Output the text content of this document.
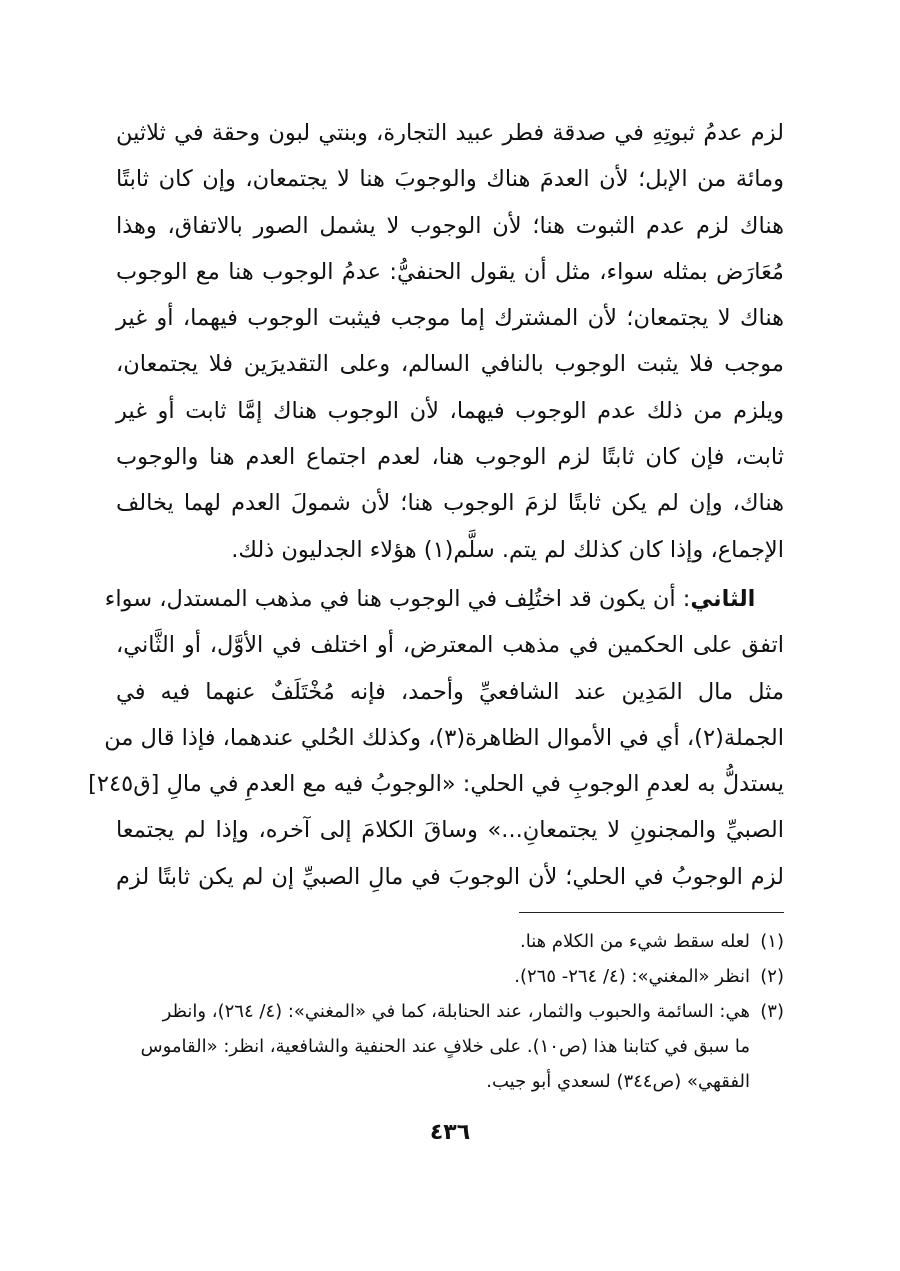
لزم عدمُ ثبوتِهِ في صدقة فطر عبيد التجارة، وبنتي لبون وحقة في ثلاثين
ومائة من الإبل؛ لأن العدمَ هناك والوجوبَ هنا لا يجتمعان، وإن كان ثابتًا
هناك لزم عدم الثبوت هنا؛ لأن الوجوب لا يشمل الصور بالاتفاق، وهذا
مُعَارَض بمثله سواء، مثل أن يقول الحنفيُّ: عدمُ الوجوب هنا مع الوجوب
هناك لا يجتمعان؛ لأن المشترك إما موجب فيثبت الوجوب فيهما، أو غير
موجب فلا يثبت الوجوب بالنافي السالم، وعلى التقديرَين فلا يجتمعان،
ويلزم من ذلك عدم الوجوب فيهما، لأن الوجوب هناك إمَّا ثابت أو غير
ثابت، فإن كان ثابتًا لزم الوجوب هنا، لعدم اجتماع العدم هنا والوجوب
هناك، وإن لم يكن ثابتًا لزمَ الوجوب هنا؛ لأن شمولَ العدم لهما يخالف
الإجماع، وإذا كان كذلك لم يتم. سلَّم(١) هؤلاء الجدليون ذلك.
الثاني: أن يكون قد اختُلِف في الوجوب هنا في مذهب المستدل، سواء
اتفق على الحكمين في مذهب المعترض، أو اختلف في الأوَّل، أو الثَّاني،
مثل مال المَدِين عند الشافعيِّ وأحمد، فإنه مُخْتَلَفٌ عنهما فيه في
الجملة(٢)، أي في الأموال الظاهرة(٣)، وكذلك الحُلي عندهما، فإذا قال من
يستدلُّ به لعدمِ الوجوبِ في الحلي: «الوجوبُ فيه مع العدمِ في مالِ [ق٢٤٥]
الصبيِّ والمجنونِ لا يجتمعانِ...» وساقَ الكلامَ إلى آخره، وإذا لم يجتمعا
لزم الوجوبُ في الحلي؛ لأن الوجوبَ في مالِ الصبيِّ إن لم يكن ثابتًا لزم
(١)لعله سقط شيء من الكلام هنا.
(٢)انظر «المغني»: (٤/ ٢٦٤- ٢٦٥).
(٣)هي: السائمة والحبوب والثمار، عند الحنابلة، كما في «المغني»: (٤/ ٢٦٤)، وانظر
ما سبق في كتابنا هذا (ص١٠). على خلافٍ عند الحنفية والشافعية، انظر: «القاموس
الفقهي» (ص٣٤٤) لسعدي أبو جيب.
٤٣٦
